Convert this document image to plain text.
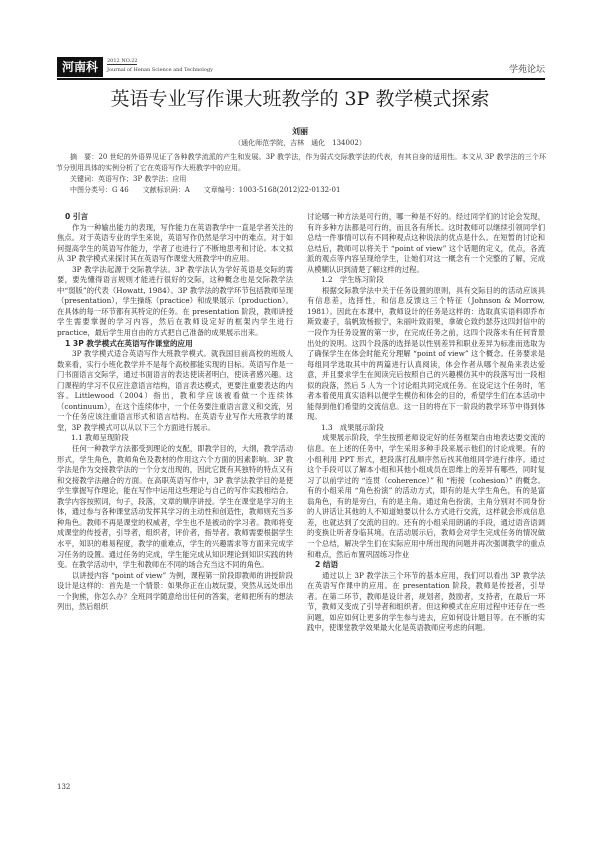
河南科技
2012 NO.22
Journal of Henan Science and Technology	学苑论坛
英语专业写作课大班教学的 3P 教学模式探索
刘丽
（通化师范学院，吉林　通化　134002）
摘　要：20 世纪的外语界见证了各种教学流派的产生和发展。3P 教学法，作为弱式交际教学法的代表，有其自身的适用性。本文从 3P 教学法的三个环节分别用具体的实例分析了它在英语写作大班教学中的应用。
关键词：英语写作；3P 教学法；应用
中图分类号：G 46　　文献标识码：A　　文章编号：1003-5168(2012)22-0132-01

0 引言

作为一种输出能力的表现，写作能力在英语教学中一直是学者关注的焦点。对于英语专业的学生来说，英语写作仍然是学习中的难点。对于如何提高学生的英语写作能力，学者了也进行了不断地思考和讨论。本文拟从 3P 教学模式来探讨其在英语写作课堂大班教学中的应用。

3P 教学法起源于交际教学法。3P 教学法认为学好英语是交际的需要，要先懂得语言规则才能进行很好的交际，这种概念也是交际教学法中“弱版”的代表（Howatt, 1984）。3P 教学法的教学环节包括教师呈现（presentation），学生操练（practice）和成果展示（production）。在具体的每一环节都有其特定的任务。在 presentation 阶段，教师讲授学生需要掌握的学习内容，然后在教师设定好的框架内学生进行 practice，最后学生用自由的方式把自己准备的成果展示出来。

1 3P 教学模式在英语写作课堂的应用

3P 教学模式适合英语写作大班教学模式。就我国目前高校的班级人数来看，实行小班化教学并不是每个高校都能实现的目标。英语写作是一门书面语言交际学，通过书面语言的表达使读者明白，使读者感兴趣。这门课程的学习不仅应注意语言结构，语言表达模式，更要注重要表达的内容。Littlewood（2004）指出，教和学应该被看做一个连续体（continuum），在这个连续体中，一个任务要注重语言意义和交流，另一个任务应该注重语言形式和语言结构。在英语专业写作大班教学的课堂，3P 教学模式可以从以下三个方面进行展示。

1.1 教师呈现阶段

任何一种教学方法都受到理论的支配，即教学目的，大纲，教学活动形式，学生角色，教师角色及教材的作用这六个方面的因素影响。3P 教学法是作为交接教学法的一个分支出现的，因此它既有其独特的特点又有和交接教学法融合的方面。在高职英语写作中，3P 教学法教学目的是使学生掌握写作理论，能在写作中运用这些理论与自己的写作实践相结合。教学内容按照词，句子，段落，文章的顺序讲授。学生在课堂是学习的主体，通过参与各种课堂活动发挥其学习的主动性和创造性，教师则充当多种角色。教师不再是课堂的权威者，学生也不是被动的学习者。教师将变成课堂的传授者，引导者，组织者，评价者，指导者。教师需要根据学生水平，知识的难易程度，教学的重难点，学生的兴趣需求等方面来完成学习任务的设置。通过任务的完成，学生能完成从知识理论到知识实践的转变。在教学活动中，学生和教师在不同的场合充当这不同的角色。

以讲授内容 “point of view” 为例，课程第一阶段即教师的讲授阶段设计是这样的：首先是一个情景：如果你正在山坡玩耍，突然从远处串出一个狗熊，你怎么办？全班同学随意给出任何的答案，老师把所有的想法列出，然后组织

讨论哪一种方法是可行的，哪一种是不好的。经过同学们的讨论会发现，有许多种方法都是可行的，而且各有所长。这时教师可以继续引领同学们总结一件事情可以有不同种观点这种说法的优点是什么。在短暂的讨论和总结后，教师可以将关于 “point of view” 这个话题的定义，优点，各流派的观点等内容呈现给学生，让她们对这一概念有一个完整的了解，完成从模糊认识到清楚了解这样的过程。

1.2　学生练习阶段

根据交际教学法中关于任务设置的原则，具有交际目的的活动应该具有信息差，选择性，和信息反馈这三个特征（Johnson & Morrow, 1981）。因此在本课中，教师设计的任务是这样的：选取真实语料即乔布斯致妻子，翁帆致杨振宁，朱丽叶致雨果，拿破仑致约瑟芬这四封信中的一段作为任务设置的第一步，在完成任务之前，这四个段落未有任何背景出处的说明。这四个段落的选择是以性别差异和职业差异为标准而选取为了确保学生在体会时能充分理解 “point of view” 这个概念。任务要求是每组同学选取其中的两篇进行认真阅读，体会作者从哪个视角来表达爱意，并且要求学生在阅读完后按照自己的兴趣模仿其中的段落写出一段相似的段落，然后 5 人为一个讨论组共同完成任务。在设定这个任务时，笔者本着使用真实语料以便学生模仿和体会的目的，希望学生们在本活动中能得到他们希望的交流信息。这一目的将在下一阶段的教学环节中得到体现。

1.3　成果展示阶段

成果展示阶段，学生按照老师设定好的任务框架自由地表达要交流的信息。在上述的任务中，学生采用多种手段来展示他们的讨论成果。有的小组利用 PPT 形式，把段落打乱顺序然后找其他组同学进行排序。通过这个手段可以了解本小组和其他小组成员在思维上的差异有哪些，同时复习了以前学过的 “连贯（coherence）” 和 “衔接（cohesion）” 的概念。有的小组采用 “角色扮演” 的活动方式，即有的是大学生角色，有的是富翁角色，有的是旁白，有的是主角。通过角色扮演，主角分别对不同身份的人讲话让其他的人不知道她要以什么方式进行交流，这样就会形成信息差，也就达到了交流的目的。还有的小组采用朗诵的手段，通过语音语调的变换让听者身临其境。在活动展示后，教师会对学生完成任务的情况做一个总结，解决学生们在实际应用中所出现的问题并再次强调教学的重点和难点，然后布置巩固练习作业

2 结语

通过以上 3P 教学法三个环节的基本应用，我们可以看出 3P 教学法在英语写作课中的应用。在 presentation 阶段，教师是传授者，引导者。在第二环节，教师是设计者，规划者，鼓励者，支持者，在最后一环节，教师又变成了引导者和组织者。但这种模式在应用过程中还存在一些问题，如应如何让更多的学生参与进去，应如何设计题目等。在不断的实践中，使课堂教学效果最大化是英语教师应考虑的问题。

132
